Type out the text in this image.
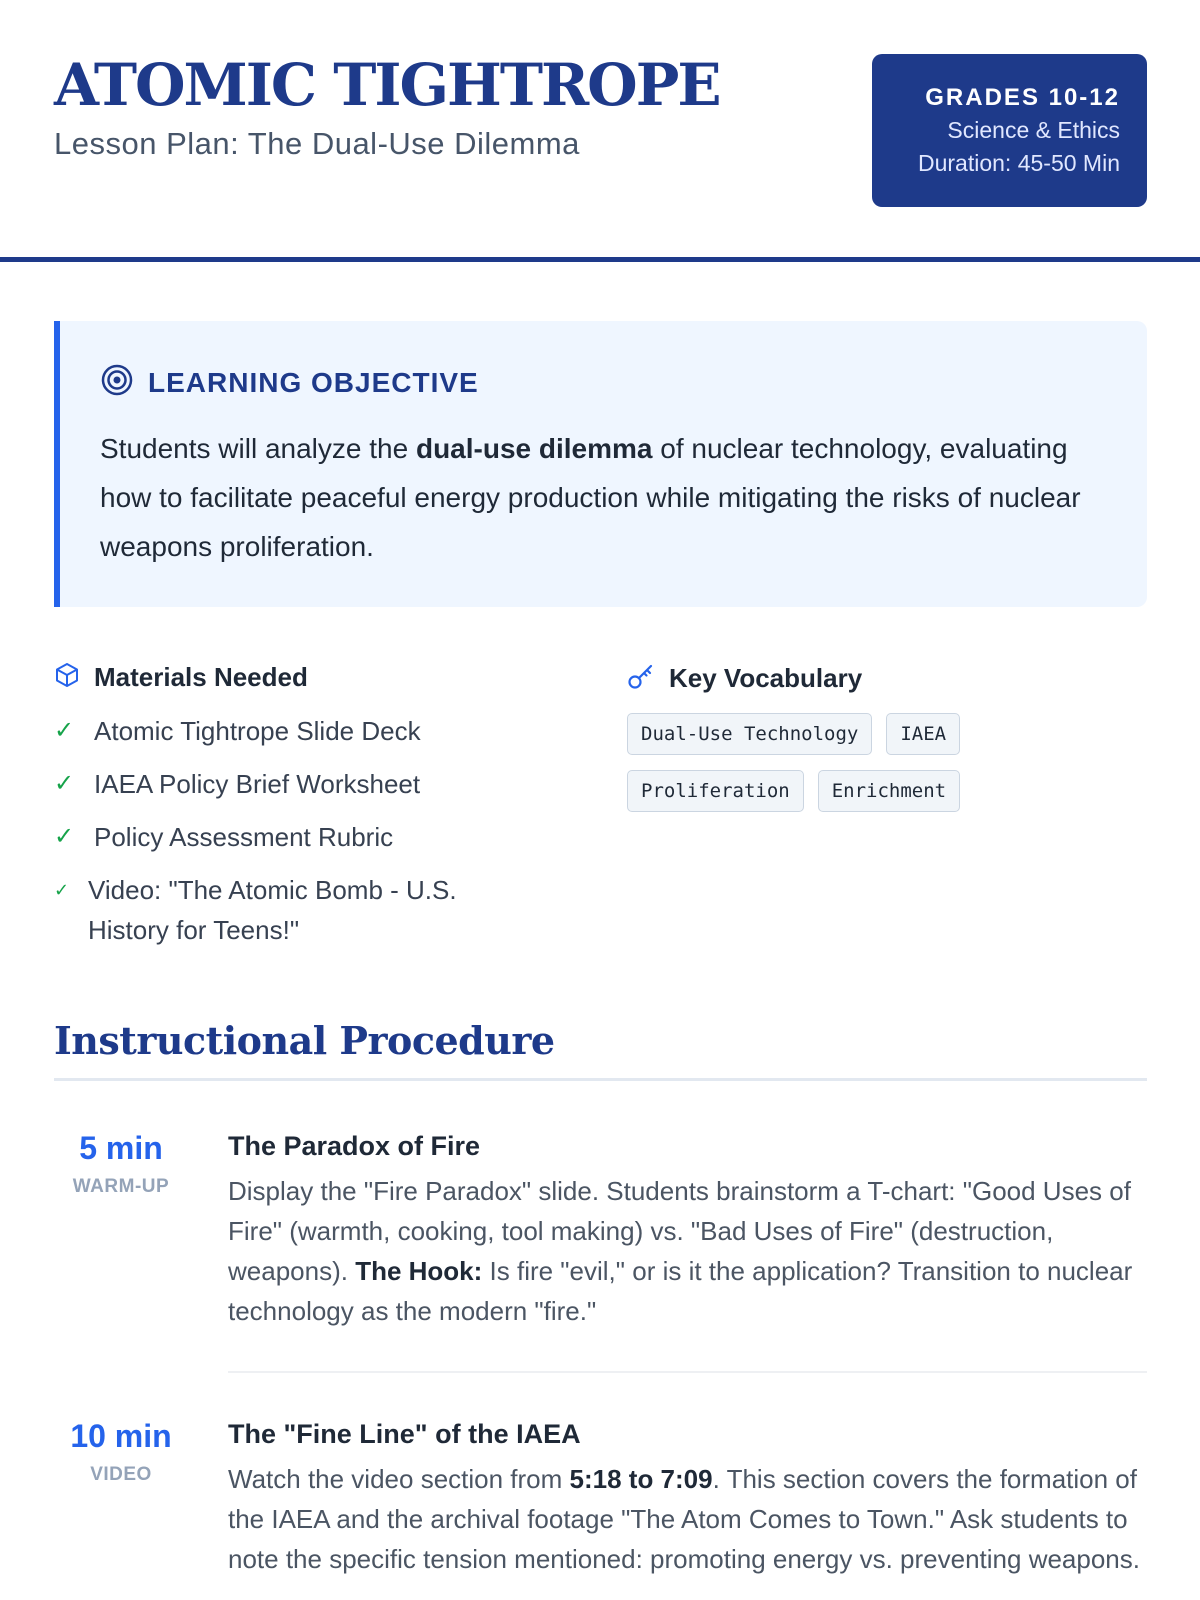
ATOMIC TIGHTROPE
Lesson Plan: The Dual-Use Dilemma
GRADES 10-12
Science & Ethics
Duration: 45-50 Min
LEARNING OBJECTIVE
Students will analyze the dual-use dilemma of nuclear technology, evaluating how to facilitate peaceful energy production while mitigating the risks of nuclear weapons proliferation.
Materials Needed
✓ Atomic Tightrope Slide Deck
✓ IAEA Policy Brief Worksheet
✓ Policy Assessment Rubric
✓ Video: "The Atomic Bomb - U.S. History for Teens!"
Key Vocabulary
Dual-Use Technology	IAEA
Proliferation	Enrichment
Instructional Procedure
5 min
WARM-UP
The Paradox of Fire
Display the "Fire Paradox" slide. Students brainstorm a T-chart: "Good Uses of Fire" (warmth, cooking, tool making) vs. "Bad Uses of Fire" (destruction, weapons). The Hook: Is fire "evil," or is it the application? Transition to nuclear technology as the modern "fire."
10 min
VIDEO
The "Fine Line" of the IAEA
Watch the video section from 5:18 to 7:09. This section covers the formation of the IAEA and the archival footage "The Atom Comes to Town." Ask students to note the specific tension mentioned: promoting energy vs. preventing weapons.
